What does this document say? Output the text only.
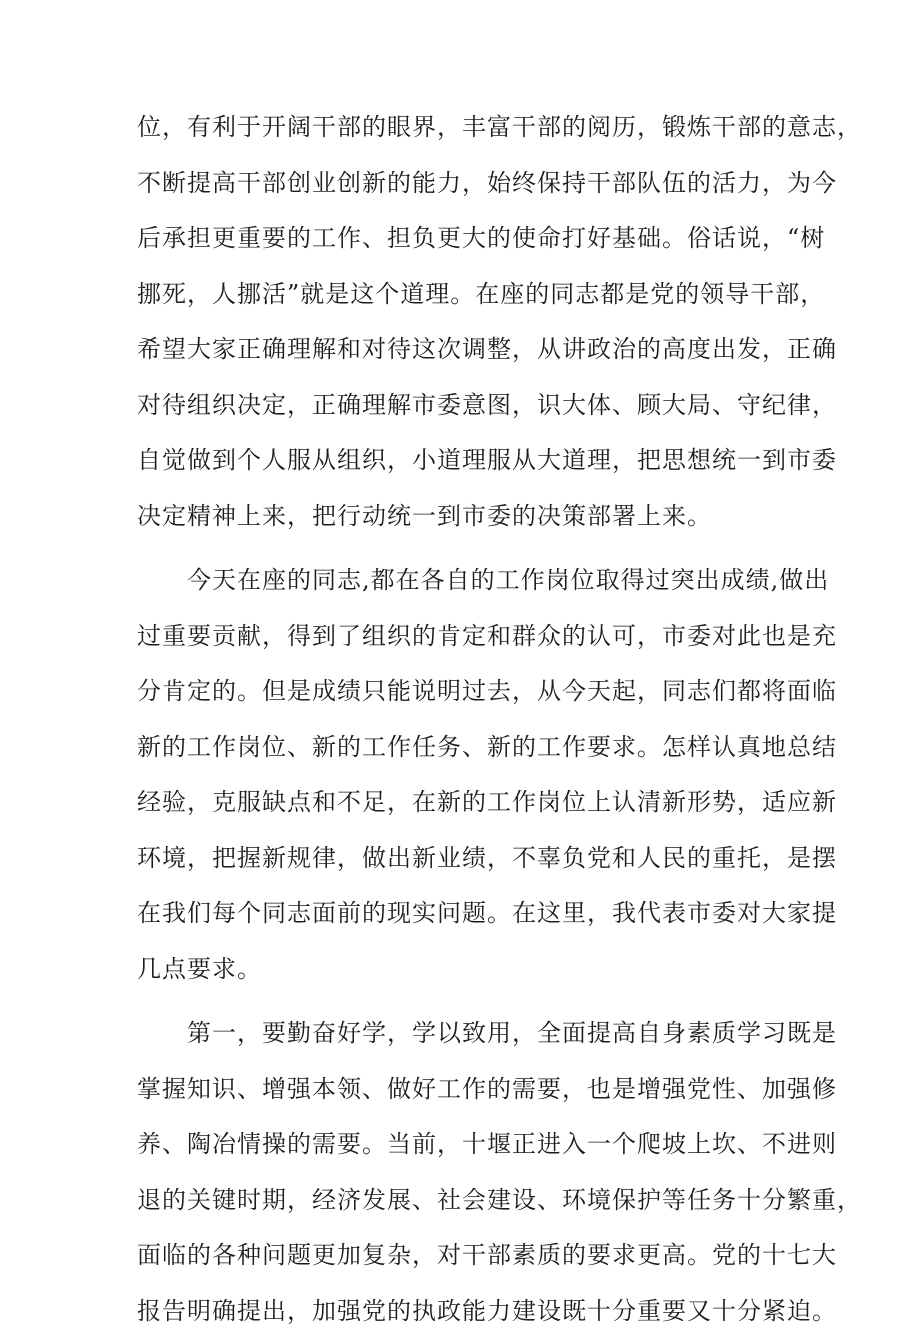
位，有利于开阔干部的眼界，丰富干部的阅历，锻炼干部的意志，
不断提高干部创业创新的能力，始终保持干部队伍的活力，为今
后承担更重要的工作、担负更大的使命打好基础。俗话说，“树
挪死，人挪活”就是这个道理。在座的同志都是党的领导干部，
希望大家正确理解和对待这次调整，从讲政治的高度出发，正确
对待组织决定，正确理解市委意图，识大体、顾大局、守纪律，
自觉做到个人服从组织，小道理服从大道理，把思想统一到市委
决定精神上来，把行动统一到市委的决策部署上来。
今天在座的同志,都在各自的工作岗位取得过突出成绩,做出
过重要贡献，得到了组织的肯定和群众的认可，市委对此也是充
分肯定的。但是成绩只能说明过去，从今天起，同志们都将面临
新的工作岗位、新的工作任务、新的工作要求。怎样认真地总结
经验，克服缺点和不足，在新的工作岗位上认清新形势，适应新
环境，把握新规律，做出新业绩，不辜负党和人民的重托，是摆
在我们每个同志面前的现实问题。在这里，我代表市委对大家提
几点要求。
第一，要勤奋好学，学以致用，全面提高自身素质学习既是
掌握知识、增强本领、做好工作的需要，也是增强党性、加强修
养、陶冶情操的需要。当前，十堰正进入一个爬坡上坎、不进则
退的关键时期，经济发展、社会建设、环境保护等任务十分繁重，
面临的各种问题更加复杂，对干部素质的要求更高。党的十七大
报告明确提出，加强党的执政能力建设既十分重要又十分紧迫。
